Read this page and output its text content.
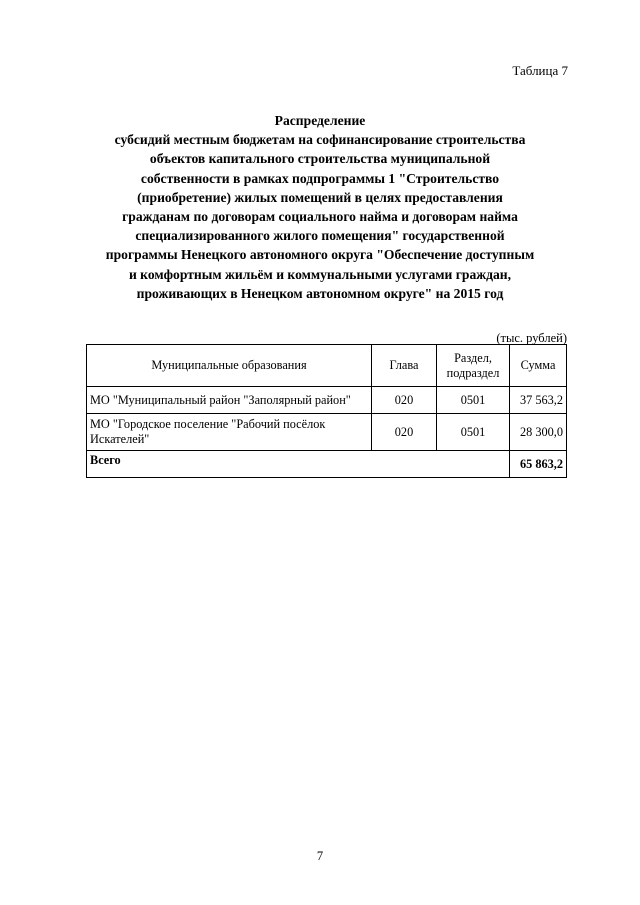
Таблица 7
Распределение
субсидий местным бюджетам на софинансирование строительства
объектов капитального строительства муниципальной
собственности в рамках подпрограммы 1 "Строительство
(приобретение) жилых помещений в целях предоставления
гражданам по договорам социального найма и договорам найма
специализированного жилого помещения" государственной
программы Ненецкого автономного округа "Обеспечение доступным
и комфортным жильём и коммунальными услугами граждан,
проживающих в Ненецком автономном округе" на 2015 год
(тыс. рублей)
Муниципальные образования	Глава	Раздел, подраздел	Сумма
МО "Муниципальный район "Заполярный район"	020	0501	37 563,2
МО "Городское поселение "Рабочий посёлок Искателей"	020	0501	28 300,0
Всего			65 863,2
7
